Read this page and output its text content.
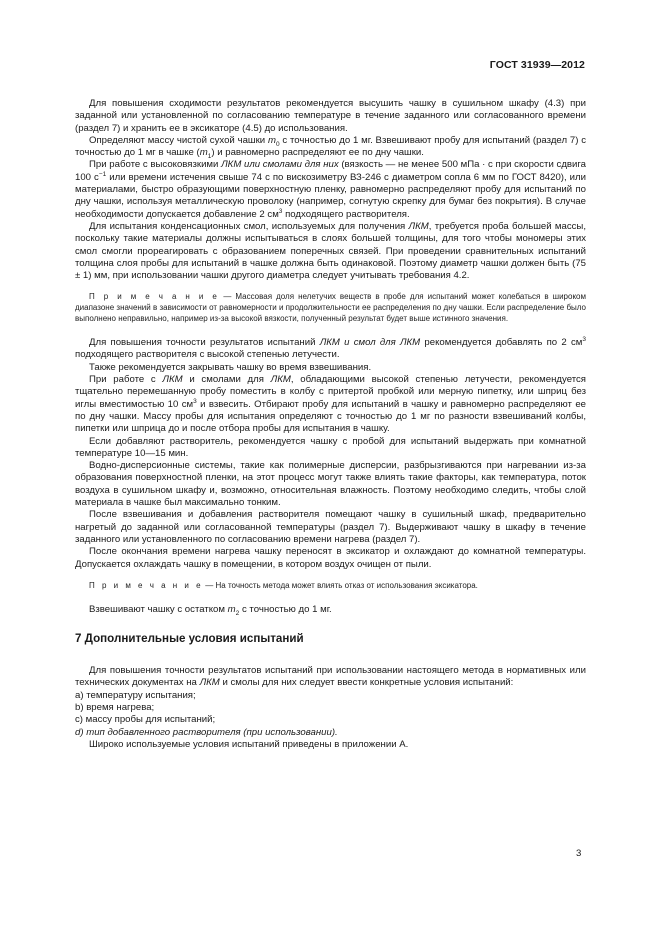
ГОСТ 31939—2012

Для повышения сходимости результатов рекомендуется высушить чашку в сушильном шкафу (4.3) при заданной или установленной по согласованию температуре в течение заданного или согласованного времени (раздел 7) и хранить ее в эксикаторе (4.5) до использования.

Определяют массу чистой сухой чашки $m_0$ с точностью до 1 мг. Взвешивают пробу для испытаний (раздел 7) с точностью до 1 мг в чашке $(m_1)$ и равномерно распределяют ее по дну чашки.

При работе с высоковязкими ЛКМ или смолами для них (вязкость — не менее 500 мПа · с при скорости сдвига 100 $с^{-1}$ или времени истечения свыше 74 с по вискозиметру ВЗ-246 с диаметром сопла 6 мм по ГОСТ 8420), или материалами, быстро образующими поверхностную пленку, равномерно распределяют пробу для испытаний по дну чашки, используя металлическую проволоку (например, согнутую скрепку для бумаг без покрытия). В случае необходимости допускается добавление 2 $см^3$ подходящего растворителя.

Для испытания конденсационных смол, используемых для получения ЛКМ, требуется проба большей массы, поскольку такие материалы должны испытываться в слоях большей толщины, для того чтобы мономеры этих смол смогли прореагировать с образованием поперечных связей. При проведении сравнительных испытаний толщина слоя пробы для испытаний в чашке должна быть одинаковой. Поэтому диаметр чашки должен быть (75 ± 1) мм, при использовании чашки другого диаметра следует учитывать требования 4.2.

П р и м е ч а н и е — Массовая доля нелетучих веществ в пробе для испытаний может колебаться в широком диапазоне значений в зависимости от равномерности и продолжительности ее распределения по дну чашки. Если распределение было выполнено неправильно, например из-за высокой вязкости, полученный результат будет выше истинного значения.

Для повышения точности результатов испытаний ЛКМ и смол для ЛКМ рекомендуется добавлять по 2 $см^3$ подходящего растворителя с высокой степенью летучести.

Также рекомендуется закрывать чашку во время взвешивания.

При работе с ЛКМ и смолами для ЛКМ, обладающими высокой степенью летучести, рекомендуется тщательно перемешанную пробу поместить в колбу с притертой пробкой или мерную пипетку, или шприц без иглы вместимостью 10 $см^3$ и взвесить. Отбирают пробу для испытаний в чашку и равномерно распределяют ее по дну чашки. Массу пробы для испытания определяют с точностью до 1 мг по разности взвешиваний колбы, пипетки или шприца до и после отбора пробы для испытания в чашку.

Если добавляют растворитель, рекомендуется чашку с пробой для испытаний выдержать при комнатной температуре 10—15 мин.

Водно-дисперсионные системы, такие как полимерные дисперсии, разбрызгиваются при нагревании из-за образования поверхностной пленки, на этот процесс могут также влиять такие факторы, как температура, поток воздуха в сушильном шкафу и, возможно, относительная влажность. Поэтому необходимо следить, чтобы слой материала в чашке был максимально тонким.

После взвешивания и добавления растворителя помещают чашку в сушильный шкаф, предварительно нагретый до заданной или согласованной температуры (раздел 7). Выдерживают чашку в шкафу в течение заданного или установленного по согласованию времени нагрева (раздел 7).

После окончания времени нагрева чашку переносят в эксикатор и охлаждают до комнатной температуры. Допускается охлаждать чашку в помещении, в котором воздух очищен от пыли.

П р и м е ч а н и е — На точность метода может влиять отказ от использования эксикатора.

Взвешивают чашку с остатком $m_2$ с точностью до 1 мг.

7 Дополнительные условия испытаний

Для повышения точности результатов испытаний при использовании настоящего метода в нормативных или технических документах на ЛКМ и смолы для них следует ввести конкретные условия испытаний:

a) температуру испытания;

b) время нагрева;

c) массу пробы для испытаний;

d) тип добавленного растворителя (при использовании).

Широко используемые условия испытаний приведены в приложении А.

3
